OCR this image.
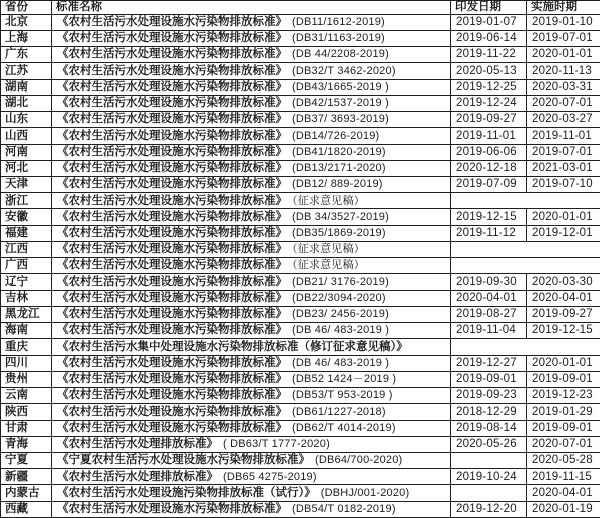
省份	标准名称	印发日期	实施时期
北京	《农村生活污水处理设施水污染物排放标准》 (DB11/1612-2019)	2019-01-07	2019-01-10
上海	《农村生活污水处理设施水污染物排放标准》 (DB31/1163-2019)	2019-06-14	2019-07-01
广东	《农村生活污水处理设施水污染物排放标准》 (DB 44/2208-2019)	2019-11-22	2020-01-01
江苏	《农村生活污水处理设施水污染物排放标准》 (DB32/T 3462-2020)	2020-05-13	2020-11-13
湖南	《农村生活污水处理设施水污染物排放标准》 (DB43/1665-2019 )	2019-12-25	2020-03-31
湖北	《农村生活污水处理设施水污染物排放标准》 (DB42/1537-2019 )	2019-12-24	2020-07-01
山东	《农村生活污水处理设施水污染物排放标准》 (DB37/ 3693-2019)	2019-09-27	2020-03-27
山西	《农村生活污水处理设施水污染物排放标准》 (DB14/726-2019)	2019-11-01	2019-11-01
河南	《农村生活污水处理设施水污染物排放标准》 (DB41/1820-2019)	2019-06-06	2019-07-01
河北	《农村生活污水处理设施水污染物排放标准》 (DB13/2171-2020)	2020-12-18	2021-03-01
天津	《农村生活污水处理设施水污染物排放标准》 (DB12/ 889-2019)	2019-07-09	2019-07-10
浙江	《农村生活污水处理设施水污染物排放标准》 （征求意见稿）		
安徽	《农村生活污水处理设施水污染物排放标准》 (DB 34/3527-2019)	2019-12-15	2020-01-01
福建	《农村生活污水处理设施水污染物排放标准》 (DB35/1869-2019)	2019-11-12	2019-12-01
江西	《农村生活污水处理设施水污染物排放标准》 （征求意见稿）		
广西	《农村生活污水处理设施水污染物排放标准》 （征求意见稿）		
辽宁	《农村生活污水处理设施水污染物排放标准》 (DB21/ 3176-2019)	2019-09-30	2020-03-30
吉林	《农村生活污水处理设施水污染物排放标准》 (DB22/3094-2020)	2020-04-01	2020-04-01
黑龙江	《农村生活污水处理设施水污染物排放标准》 (DB23/ 2456-2019)	2019-08-27	2019-09-27
海南	《农村生活污水处理设施水污染物排放标准》 (DB 46/ 483-2019 )	2019-11-04	2019-12-15
重庆	《农村生活污水集中处理设施水污染物排放标准（修订征求意见稿）》		
四川	《农村生活污水处理设施水污染物排放标准》 (DB 46/ 483-2019 )	2019-12-27	2020-01-01
贵州	《农村生活污水处理设施水污染物排放标准》 (DB52 1424－2019 )	2019-09-01	2019-09-01
云南	《农村生活污水处理设施水污染物排放标准》 (DB53/T 953-2019 )	2019-09-23	2019-12-23
陕西	《农村生活污水处理设施水污染物排放标准》 (DB61/1227-2018)	2018-12-29	2019-01-29
甘肃	《农村生活污水处理设施水污染物排放标准》 (DB62/T 4014-2019)	2019-08-14	2019-09-01
青海	《农村生活污水处理排放标准》 ( DB63/T 1777-2020)	2020-05-26	2020-07-01
宁夏	《宁夏农村生活污水处理设施水污染物排放标准》 (DB64/700-2020)		2020-05-28
新疆	《农村生活污水处理排放标准》 (DB65 4275-2019)	2019-10-24	2019-11-15
内蒙古	《农村生活污水处理设施污染物排放标准（试行）》 (DBHJ/001-2020)		2020-04-01
西藏	《农村生活污水处理设施水污染物排放标准》 (DB54/T 0182-2019)	2019-12-20	2020-01-19
